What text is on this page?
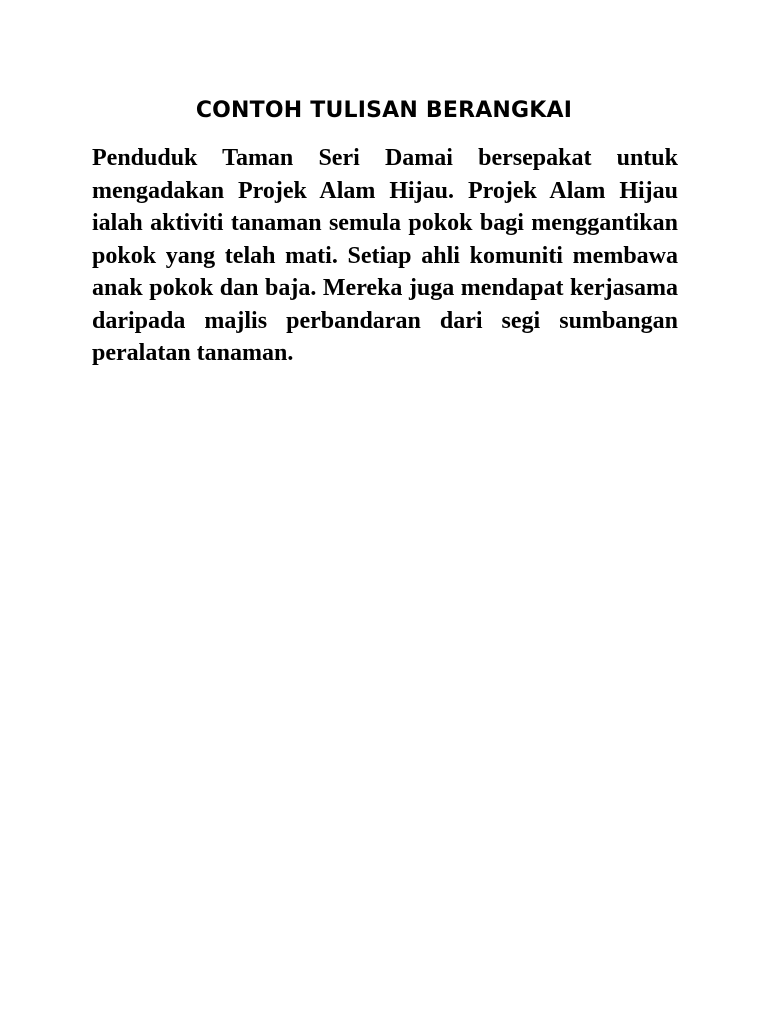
CONTOH TULISAN BERANGKAI

Penduduk Taman Seri Damai bersepakat untuk mengadakan Projek Alam Hijau. Projek Alam Hijau ialah aktiviti tanaman semula pokok bagi menggantikan pokok yang telah mati. Setiap ahli komuniti membawa anak pokok dan baja. Mereka juga mendapat kerjasama daripada majlis perbandaran dari segi sumbangan peralatan tanaman.
